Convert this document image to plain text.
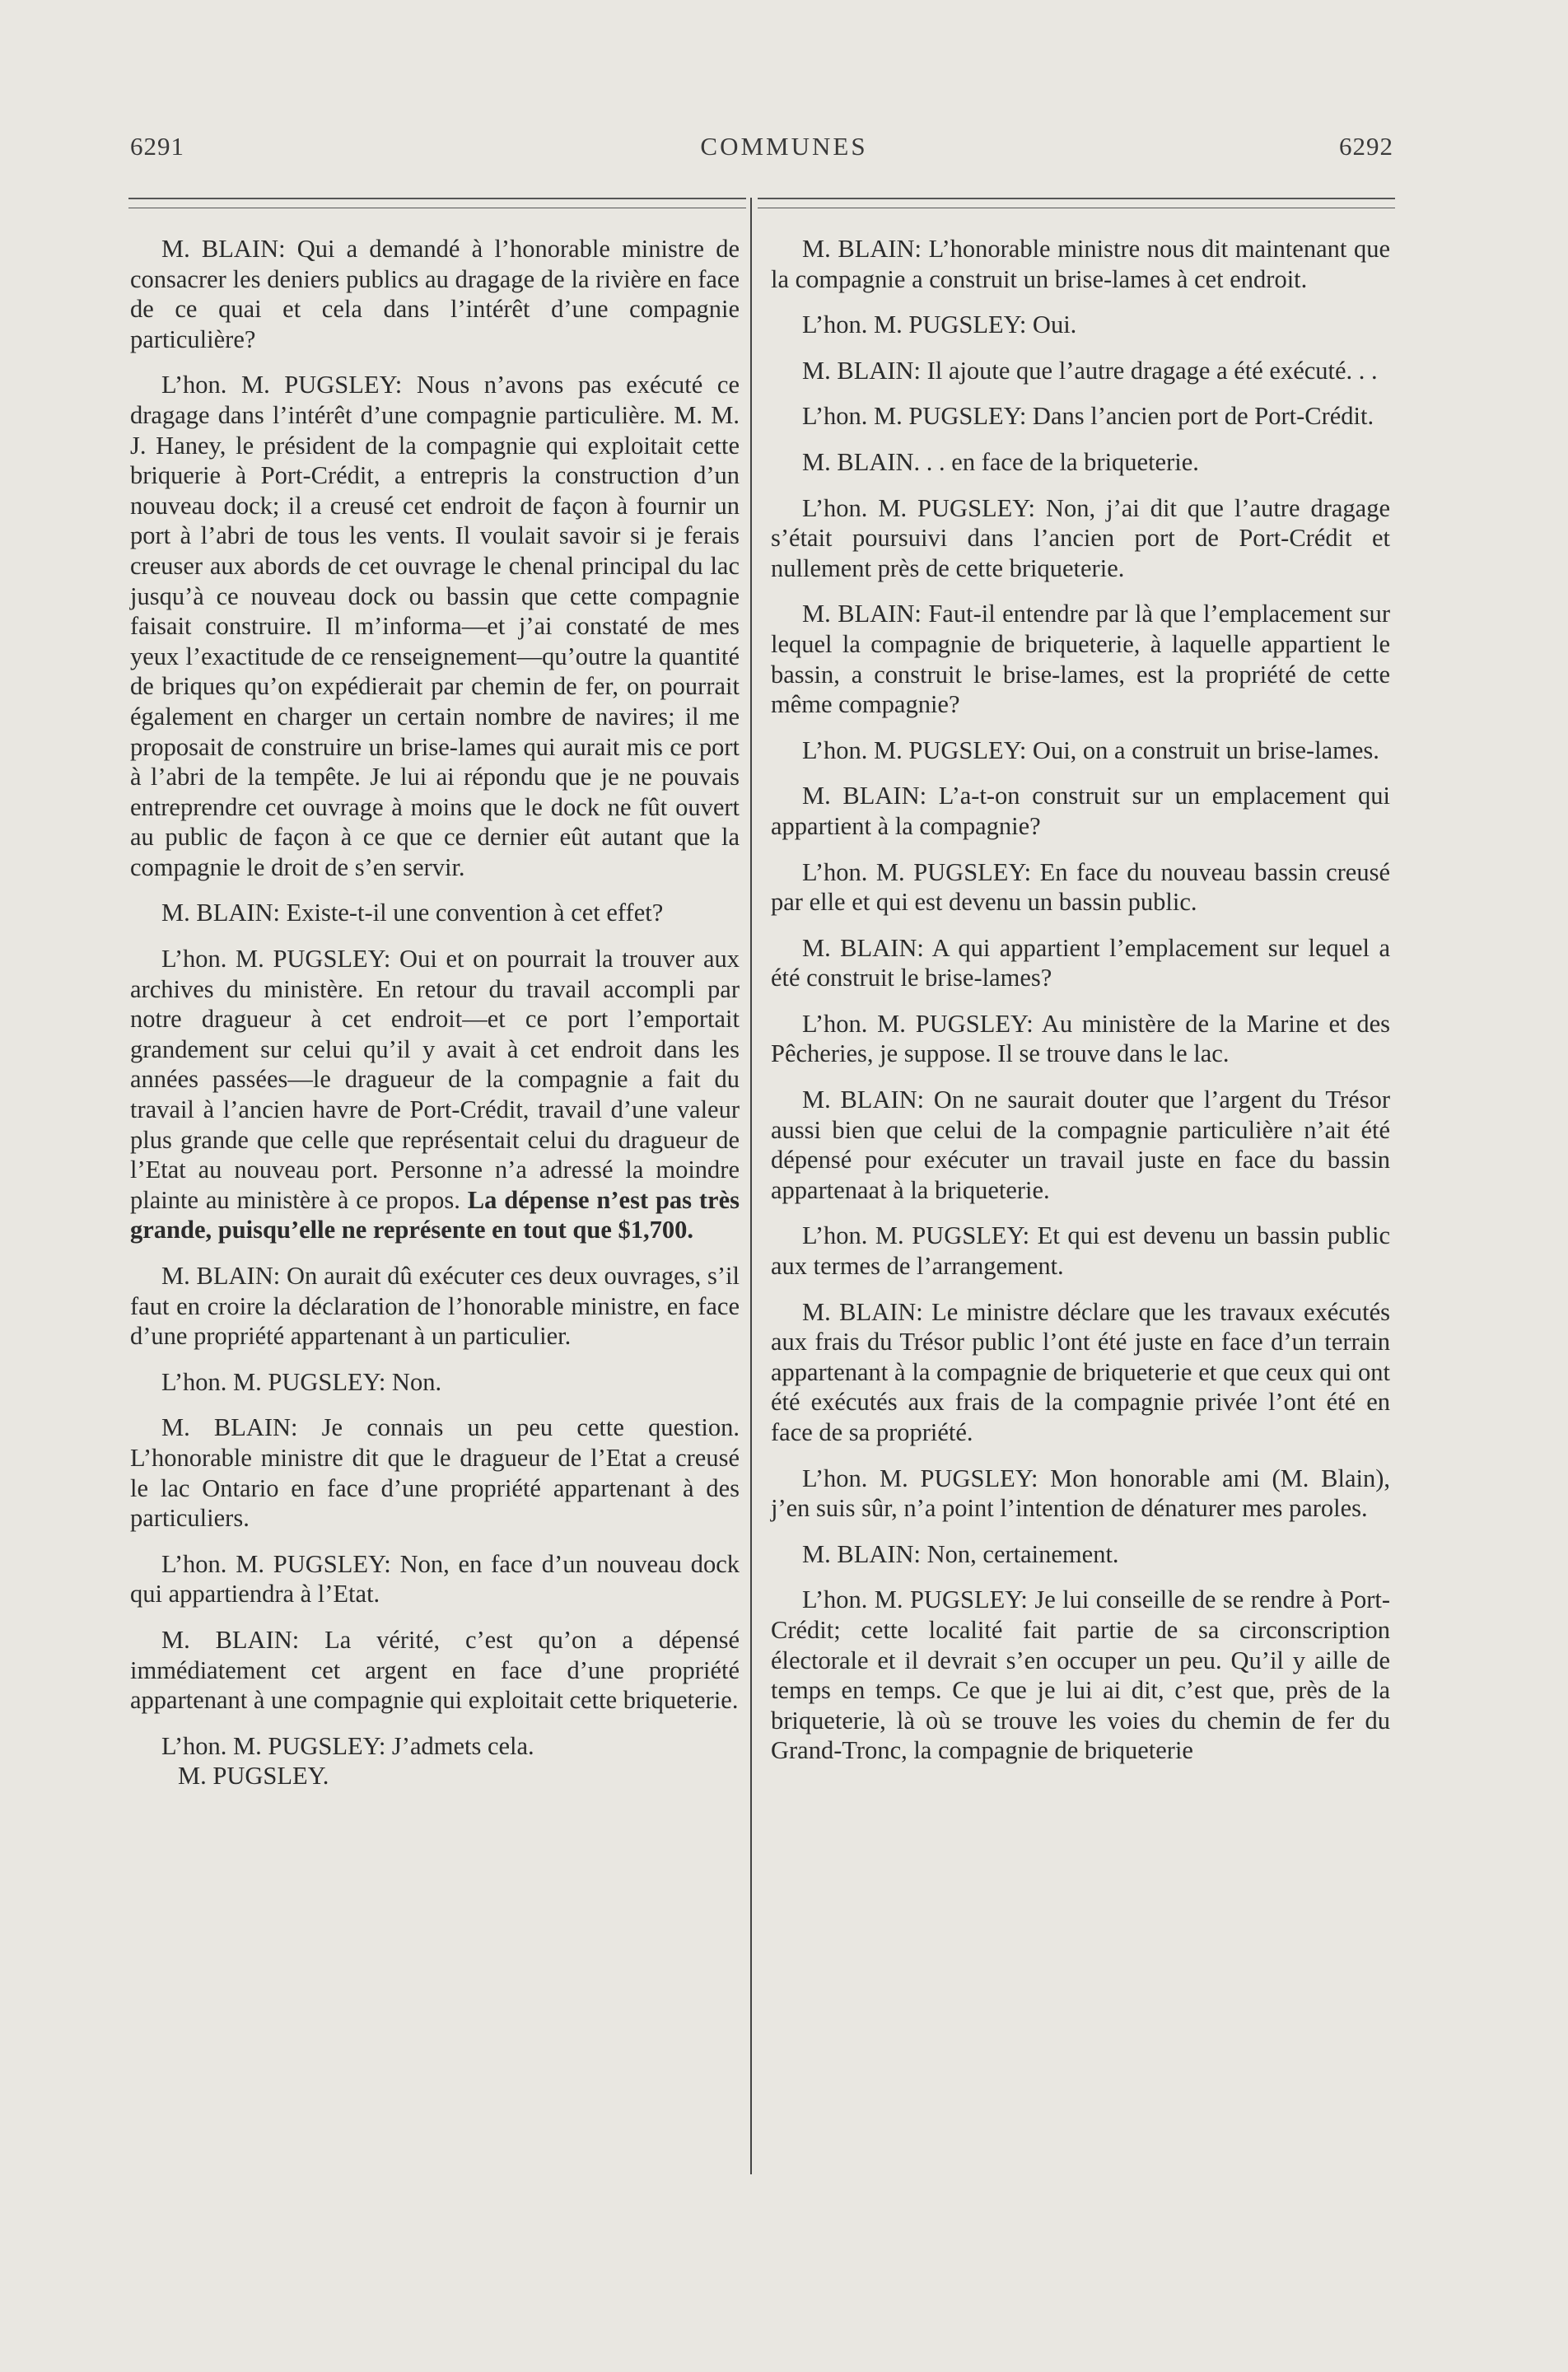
6291	COMMUNES	6292

M. BLAIN: Qui a demandé à l’honorable ministre de consacrer les deniers publics au dragage de la rivière en face de ce quai et cela dans l’intérêt d’une compagnie particulière?

L’hon. M. PUGSLEY: Nous n’avons pas exécuté ce dragage dans l’intérêt d’une compagnie particulière. M. M. J. Haney, le président de la compagnie qui exploitait cette briquerie à Port-Crédit, a entrepris la construction d’un nouveau dock; il a creusé cet endroit de façon à fournir un port à l’abri de tous les vents. Il voulait savoir si je ferais creuser aux abords de cet ouvrage le chenal principal du lac jusqu’à ce nouveau dock ou bassin que cette compagnie faisait construire. Il m’informa—et j’ai constaté de mes yeux l’exactitude de ce renseignement—qu’outre la quantité de briques qu’on expédierait par chemin de fer, on pourrait également en charger un certain nombre de navires; il me proposait de construire un brise-lames qui aurait mis ce port à l’abri de la tempête. Je lui ai répondu que je ne pouvais entreprendre cet ouvrage à moins que le dock ne fût ouvert au public de façon à ce que ce dernier eût autant que la compagnie le droit de s’en servir.

M. BLAIN: Existe-t-il une convention à cet effet?

L’hon. M. PUGSLEY: Oui et on pourrait la trouver aux archives du ministère. En retour du travail accompli par notre dragueur à cet endroit—et ce port l’emportait grandement sur celui qu’il y avait à cet endroit dans les années passées—le dragueur de la compagnie a fait du travail à l’ancien havre de Port-Crédit, travail d’une valeur plus grande que celle que représentait celui du dragueur de l’Etat au nouveau port. Personne n’a adressé la moindre plainte au ministère à ce propos. La dépense n’est pas très grande, puisqu’elle ne représente en tout que $1,700.

M. BLAIN: On aurait dû exécuter ces deux ouvrages, s’il faut en croire la déclaration de l’honorable ministre, en face d’une propriété appartenant à un particulier.

L’hon. M. PUGSLEY: Non.

M. BLAIN: Je connais un peu cette question. L’honorable ministre dit que le dragueur de l’Etat a creusé le lac Ontario en face d’une propriété appartenant à des particuliers.

L’hon. M. PUGSLEY: Non, en face d’un nouveau dock qui appartiendra à l’Etat.

M. BLAIN: La vérité, c’est qu’on a dépensé immédiatement cet argent en face d’une propriété appartenant à une compagnie qui exploitait cette briqueterie.

L’hon. M. PUGSLEY: J’admets cela.

M. PUGSLEY.

M. BLAIN: L’honorable ministre nous dit maintenant que la compagnie a construit un brise-lames à cet endroit.

L’hon. M. PUGSLEY: Oui.

M. BLAIN: Il ajoute que l’autre dragage a été exécuté. . .

L’hon. M. PUGSLEY: Dans l’ancien port de Port-Crédit.

M. BLAIN. . . en face de la briqueterie.

L’hon. M. PUGSLEY: Non, j’ai dit que l’autre dragage s’était poursuivi dans l’ancien port de Port-Crédit et nullement près de cette briqueterie.

M. BLAIN: Faut-il entendre par là que l’emplacement sur lequel la compagnie de briqueterie, à laquelle appartient le bassin, a construit le brise-lames, est la propriété de cette même compagnie?

L’hon. M. PUGSLEY: Oui, on a construit un brise-lames.

M. BLAIN: L’a-t-on construit sur un emplacement qui appartient à la compagnie?

L’hon. M. PUGSLEY: En face du nouveau bassin creusé par elle et qui est devenu un bassin public.

M. BLAIN: A qui appartient l’emplacement sur lequel a été construit le brise-lames?

L’hon. M. PUGSLEY: Au ministère de la Marine et des Pêcheries, je suppose. Il se trouve dans le lac.

M. BLAIN: On ne saurait douter que l’argent du Trésor aussi bien que celui de la compagnie particulière n’ait été dépensé pour exécuter un travail juste en face du bassin appartenaat à la briqueterie.

L’hon. M. PUGSLEY: Et qui est devenu un bassin public aux termes de l’arrangement.

M. BLAIN: Le ministre déclare que les travaux exécutés aux frais du Trésor public l’ont été juste en face d’un terrain appartenant à la compagnie de briqueterie et que ceux qui ont été exécutés aux frais de la compagnie privée l’ont été en face de sa propriété.

L’hon. M. PUGSLEY: Mon honorable ami (M. Blain), j’en suis sûr, n’a point l’intention de dénaturer mes paroles.

M. BLAIN: Non, certainement.

L’hon. M. PUGSLEY: Je lui conseille de se rendre à Port-Crédit; cette localité fait partie de sa circonscription électorale et il devrait s’en occuper un peu. Qu’il y aille de temps en temps. Ce que je lui ai dit, c’est que, près de la briqueterie, là où se trouve les voies du chemin de fer du Grand-Tronc, la compagnie de briqueterie
